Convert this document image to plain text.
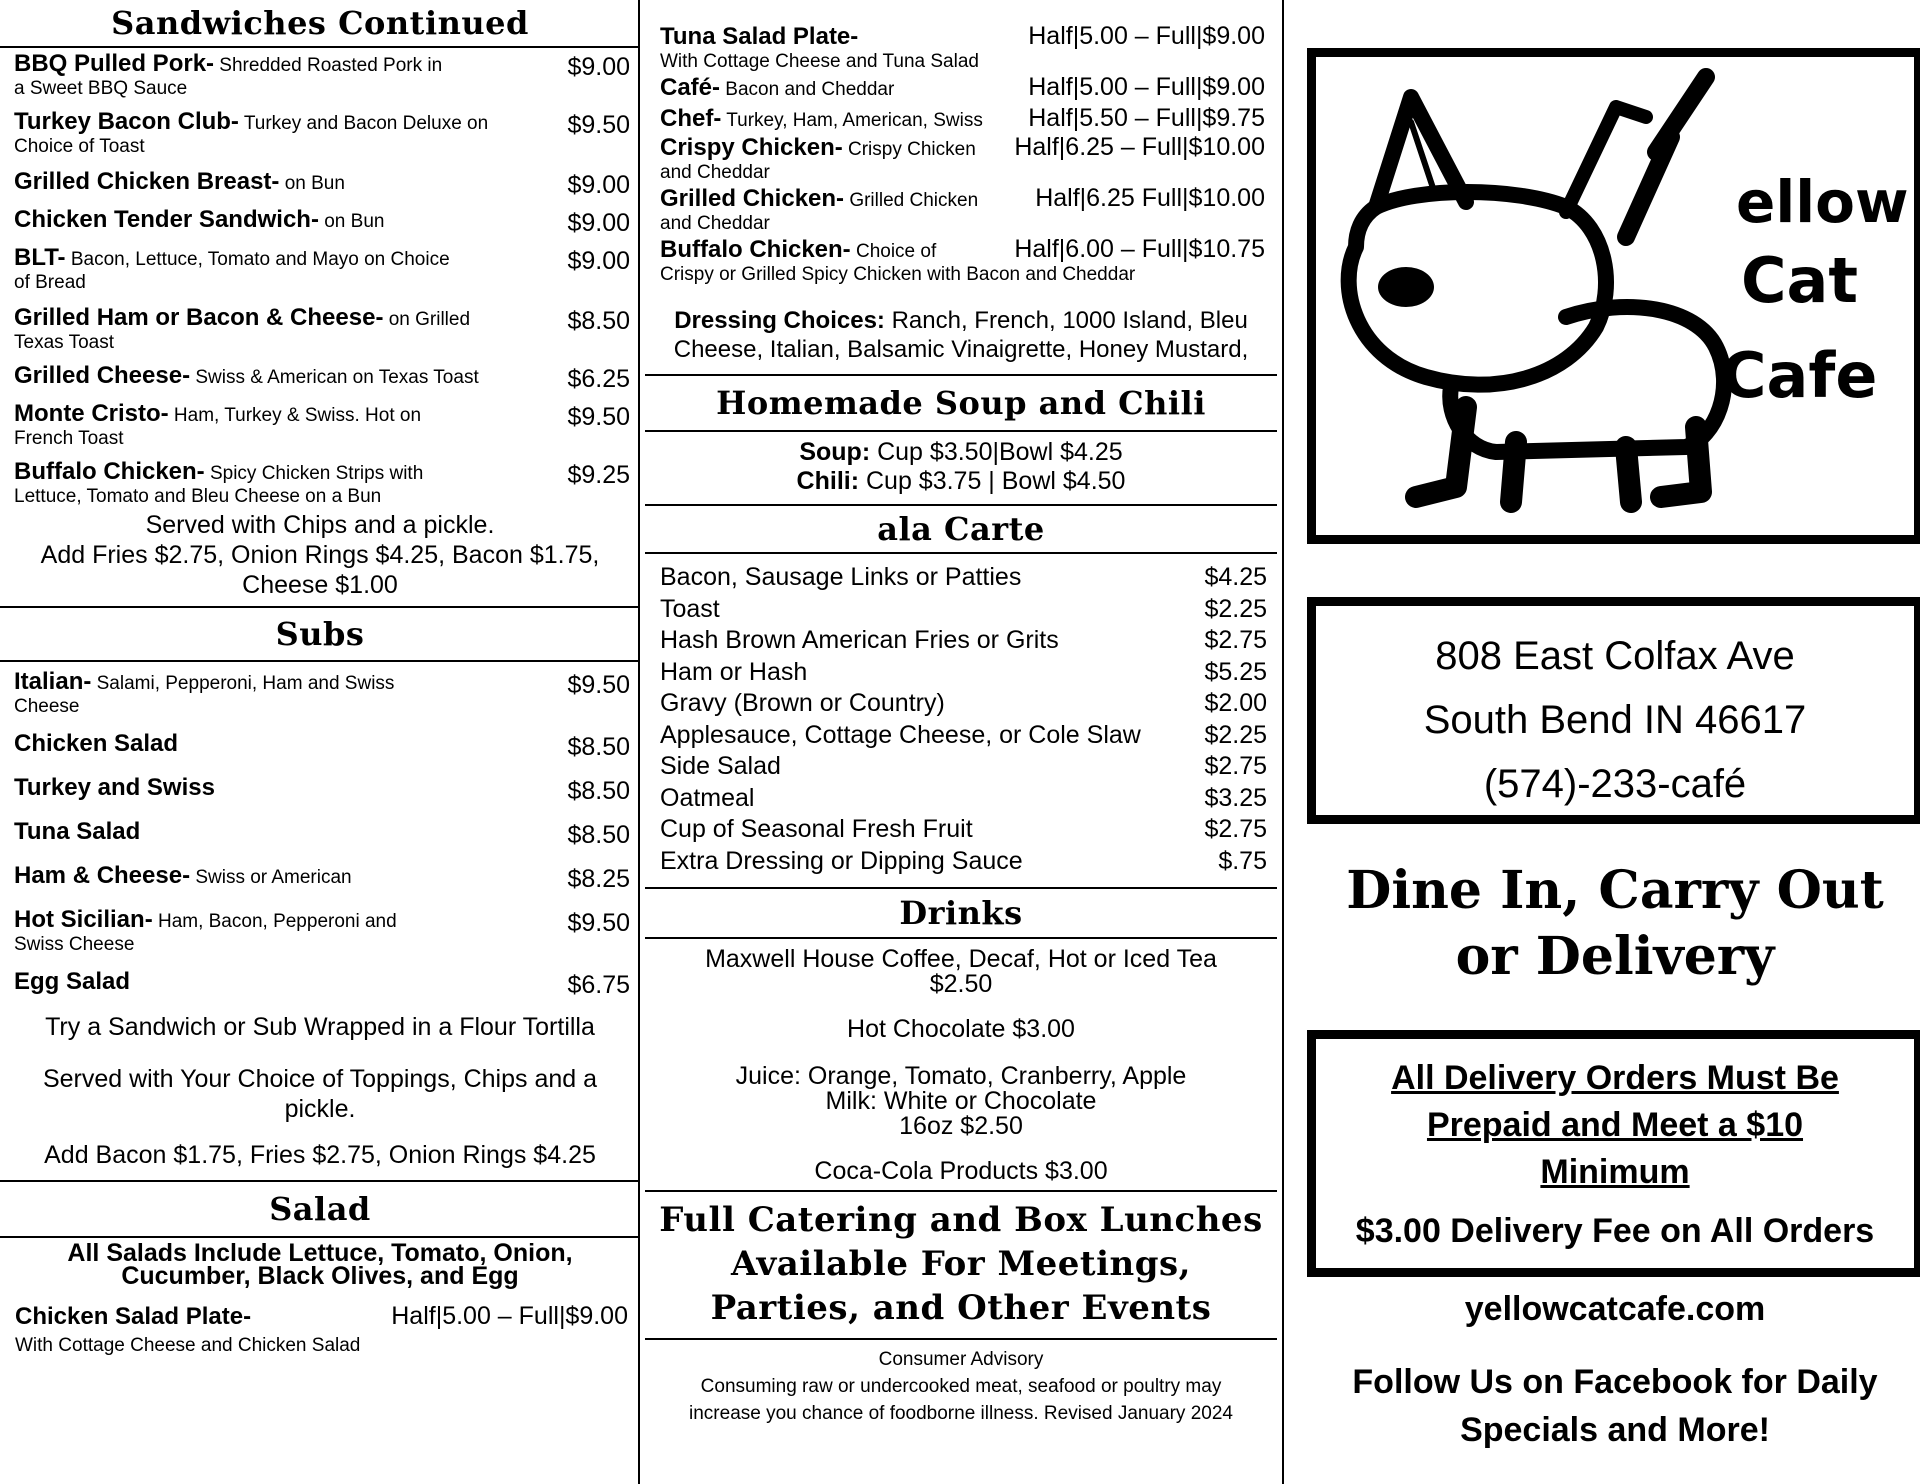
Sandwiches Continued
BBQ Pulled Pork- Shredded Roasted Pork in
a Sweet BBQ Sauce
$9.00
Turkey Bacon Club- Turkey and Bacon Deluxe on
Choice of Toast
$9.50
Grilled Chicken Breast- on Bun	$9.00
Chicken Tender Sandwich- on Bun	$9.00
BLT- Bacon, Lettuce, Tomato and Mayo on Choice
of Bread
$9.00
Grilled Ham or Bacon & Cheese- on Grilled
Texas Toast
$8.50
Grilled Cheese- Swiss & American on Texas Toast	$6.25
Monte Cristo- Ham, Turkey & Swiss. Hot on
French Toast
$9.50
Buffalo Chicken- Spicy Chicken Strips with
Lettuce, Tomato and Bleu Cheese on a Bun
$9.25
Served with Chips and a pickle.
Add Fries $2.75, Onion Rings $4.25, Bacon $1.75,
Cheese $1.00
Subs
Italian- Salami, Pepperoni, Ham and Swiss
Cheese
$9.50
Chicken Salad	$8.50
Turkey and Swiss	$8.50
Tuna Salad	$8.50
Ham & Cheese- Swiss or American	$8.25
Hot Sicilian- Ham, Bacon, Pepperoni and
Swiss Cheese
$9.50
Egg Salad	$6.75
Try a Sandwich or Sub Wrapped in a Flour Tortilla
Served with Your Choice of Toppings, Chips and a
pickle.
Add Bacon $1.75, Fries $2.75, Onion Rings $4.25
Salad
All Salads Include Lettuce, Tomato, Onion,
Cucumber, Black Olives, and Egg
Chicken Salad Plate-	Half|5.00 – Full|$9.00
With Cottage Cheese and Chicken Salad
Tuna Salad Plate-	Half|5.00 – Full|$9.00
With Cottage Cheese and Tuna Salad
Café- Bacon and Cheddar	Half|5.00 – Full|$9.00
Chef- Turkey, Ham, American, Swiss Half|5.50 – Full|$9.75
Crispy Chicken- Crispy Chicken Half|6.25 – Full|$10.00
and Cheddar
Grilled Chicken- Grilled Chicken Half|6.25 Full|$10.00
and Cheddar
Buffalo Chicken- Choice of	Half|6.00 – Full|$10.75
Crispy or Grilled Spicy Chicken with Bacon and Cheddar
Dressing Choices: Ranch, French, 1000 Island, Bleu
Cheese, Italian, Balsamic Vinaigrette, Honey Mustard,
Homemade Soup and Chili
Soup: Cup $3.50|Bowl $4.25
Chili: Cup $3.75 | Bowl $4.50
ala Carte
Bacon, Sausage Links or Patties	$4.25
Toast	$2.25
Hash Brown American Fries or Grits	$2.75
Ham or Hash	$5.25
Gravy (Brown or Country)	$2.00
Applesauce, Cottage Cheese, or Cole Slaw	$2.25
Side Salad	$2.75
Oatmeal	$3.25
Cup of Seasonal Fresh Fruit	$2.75
Extra Dressing or Dipping Sauce	$.75
Drinks
Maxwell House Coffee, Decaf, Hot or Iced Tea
$2.50
Hot Chocolate $3.00
Juice: Orange, Tomato, Cranberry, Apple
Milk: White or Chocolate
16oz $2.50
Coca-Cola Products $3.00
Full Catering and Box Lunches
Available For Meetings,
Parties, and Other Events
Consumer Advisory
Consuming raw or undercooked meat, seafood or poultry may
increase you chance of foodborne illness. Revised January 2024
ellow
Cat
Cafe
808 East Colfax Ave
South Bend IN 46617
(574)-233-café
Dine In, Carry Out
or Delivery
All Delivery Orders Must Be
Prepaid and Meet a $10
Minimum
$3.00 Delivery Fee on All Orders
yellowcatcafe.com
Follow Us on Facebook for Daily
Specials and More!
